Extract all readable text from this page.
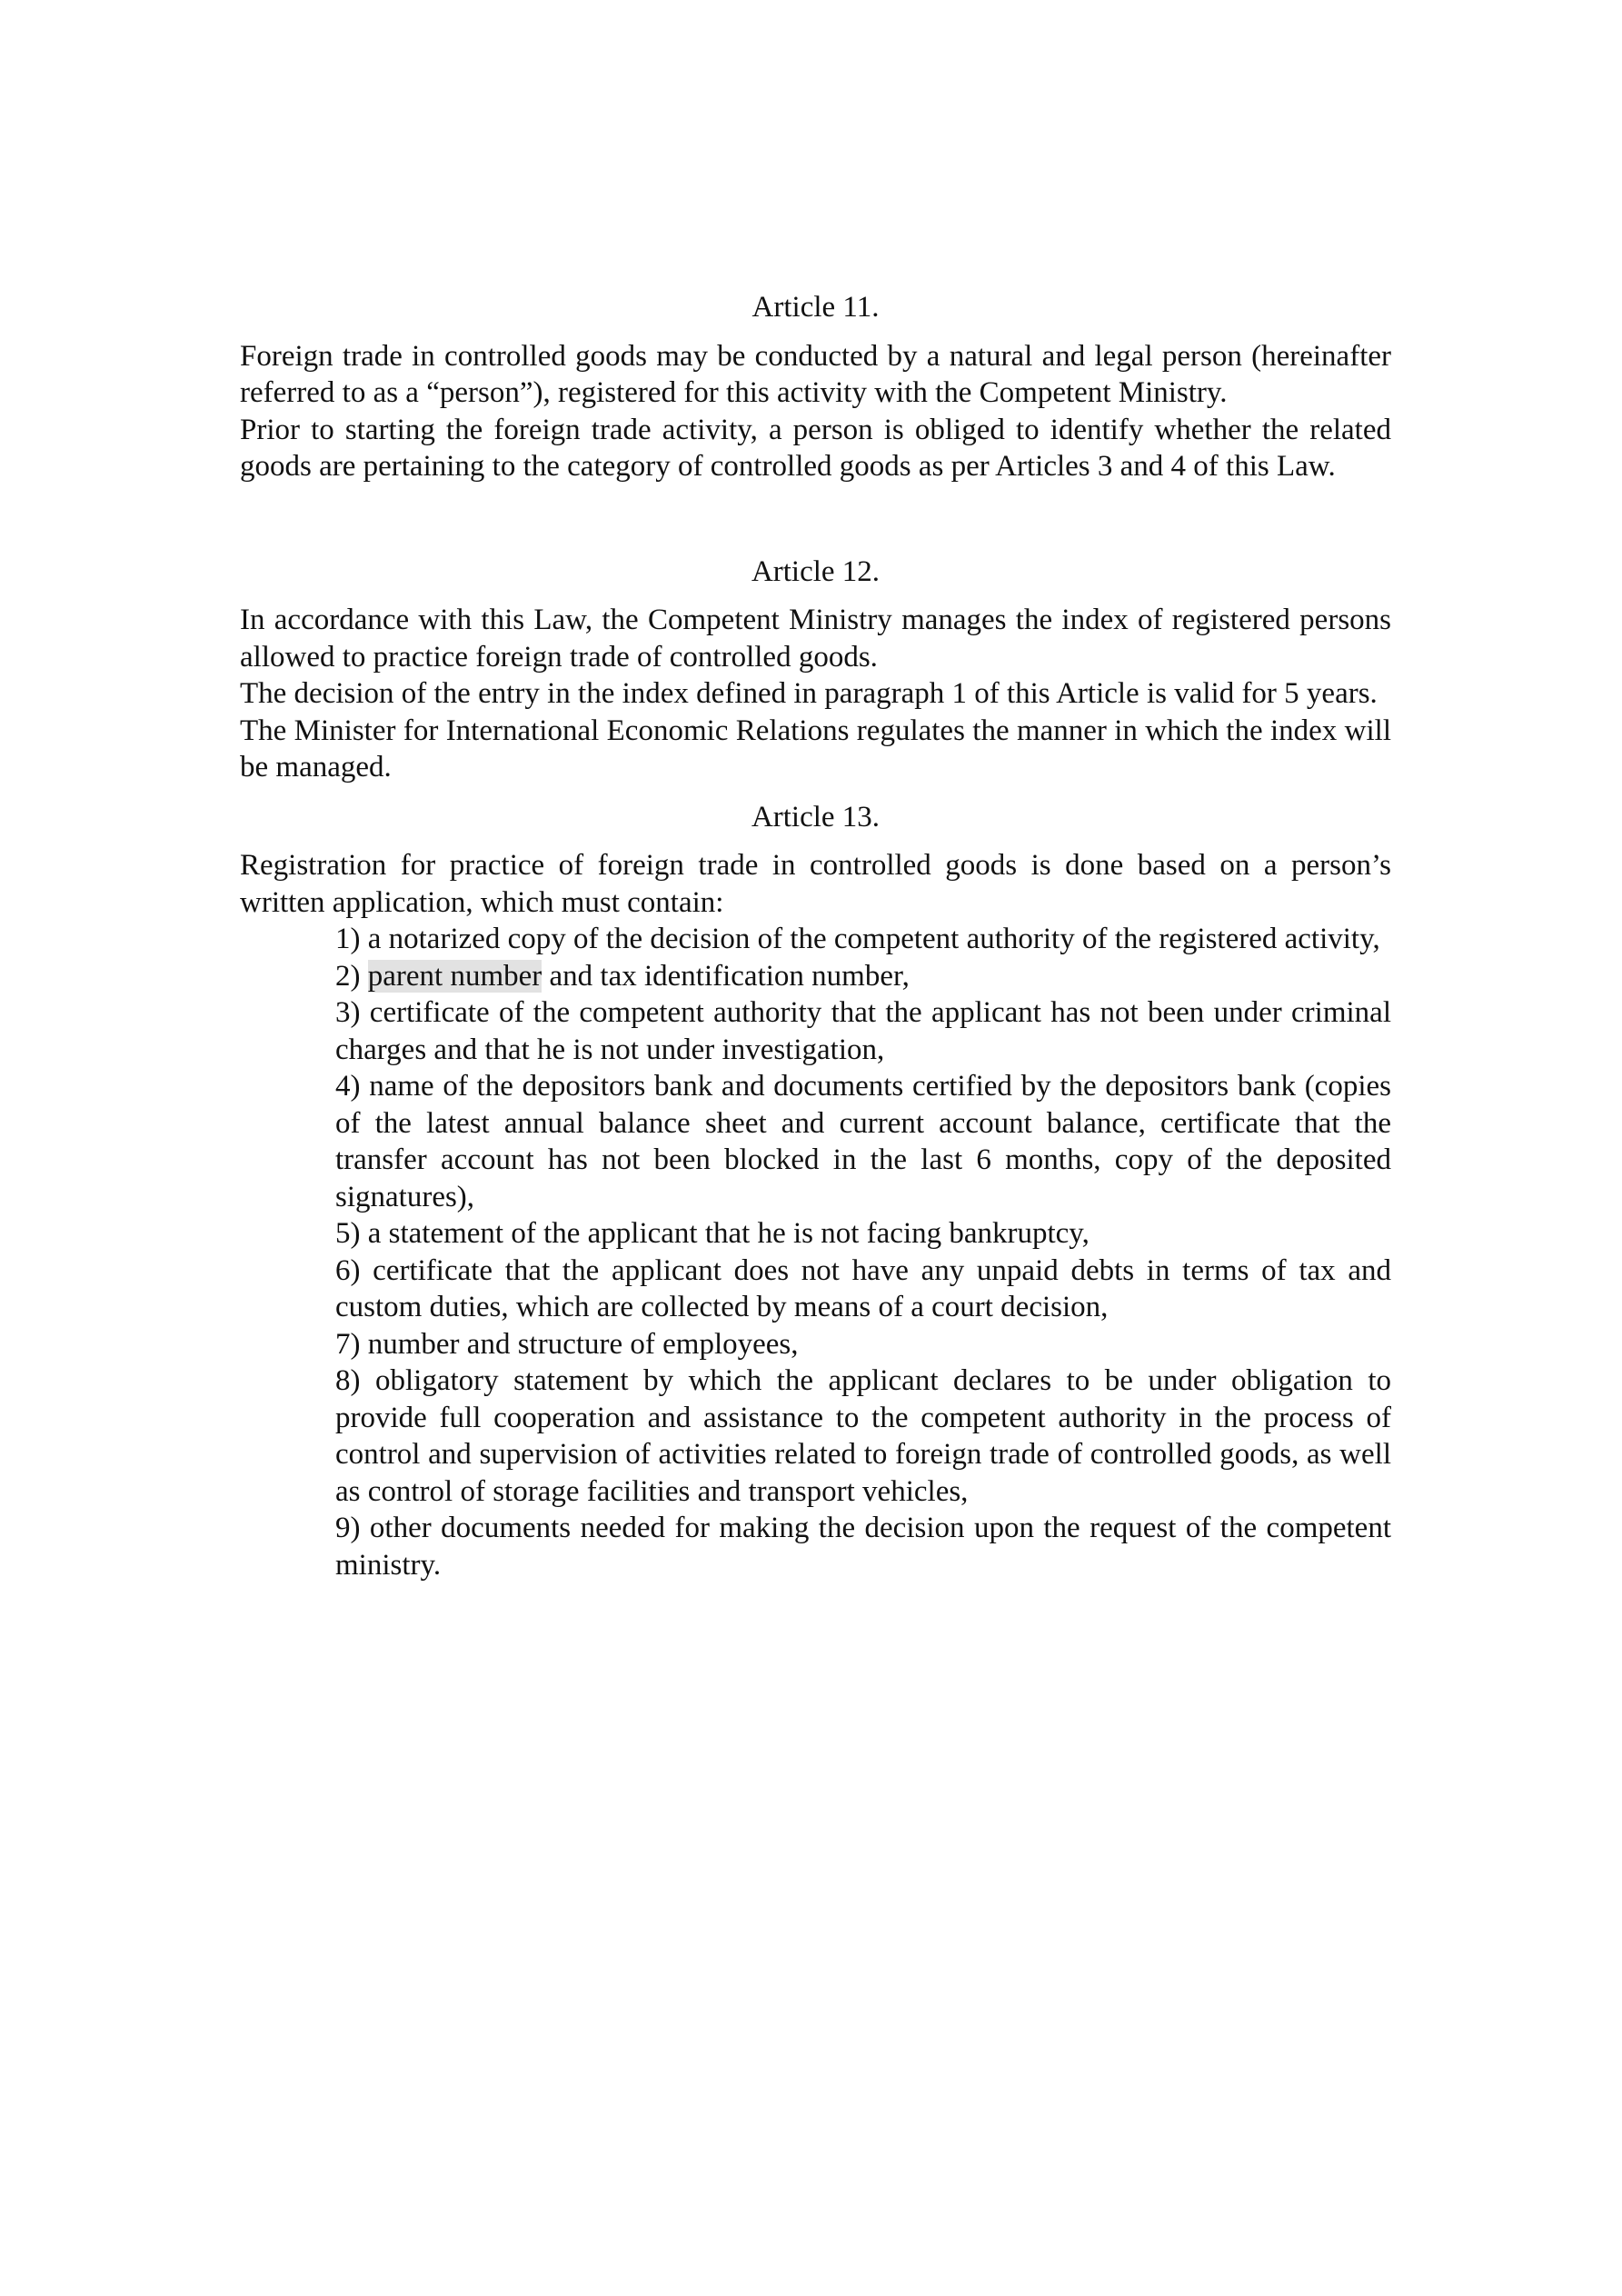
Article 11.

Foreign trade in controlled goods may be conducted by a natural and legal person (hereinafter referred to as a “person”), registered for this activity with the Competent Ministry.

Prior to starting the foreign trade activity, a person is obliged to identify whether the related goods are pertaining to the category of controlled goods as per Articles 3 and 4 of this Law.

Article 12.

In accordance with this Law, the Competent Ministry manages the index of registered persons allowed to practice foreign trade of controlled goods.

The decision of the entry in the index defined in paragraph 1 of this Article is valid for 5 years.

The Minister for International Economic Relations regulates the manner in which the index will be managed.

Article 13.

Registration for practice of foreign trade in controlled goods is done based on a person’s written application, which must contain:

1) a notarized copy of the decision of the competent authority of the registered activity,
2) parent number and tax identification number,
3) certificate of the competent authority that the applicant has not been under criminal charges and that he is not under investigation,
4) name of the depositors bank and documents certified by the depositors bank (copies of the latest annual balance sheet and current account balance, certificate that the transfer account has not been blocked in the last 6 months, copy of the deposited signatures),
5) a statement of the applicant that he is not facing bankruptcy,
6) certificate that the applicant does not have any unpaid debts in terms of tax and custom duties, which are collected by means of a court decision,
7) number and structure of employees,
8) obligatory statement by which the applicant declares to be under obligation to provide full cooperation and assistance to the competent authority in the process of control and supervision of activities related to foreign trade of controlled goods, as well as control of storage facilities and transport vehicles,
9) other documents needed for making the decision upon the request of the competent ministry.
